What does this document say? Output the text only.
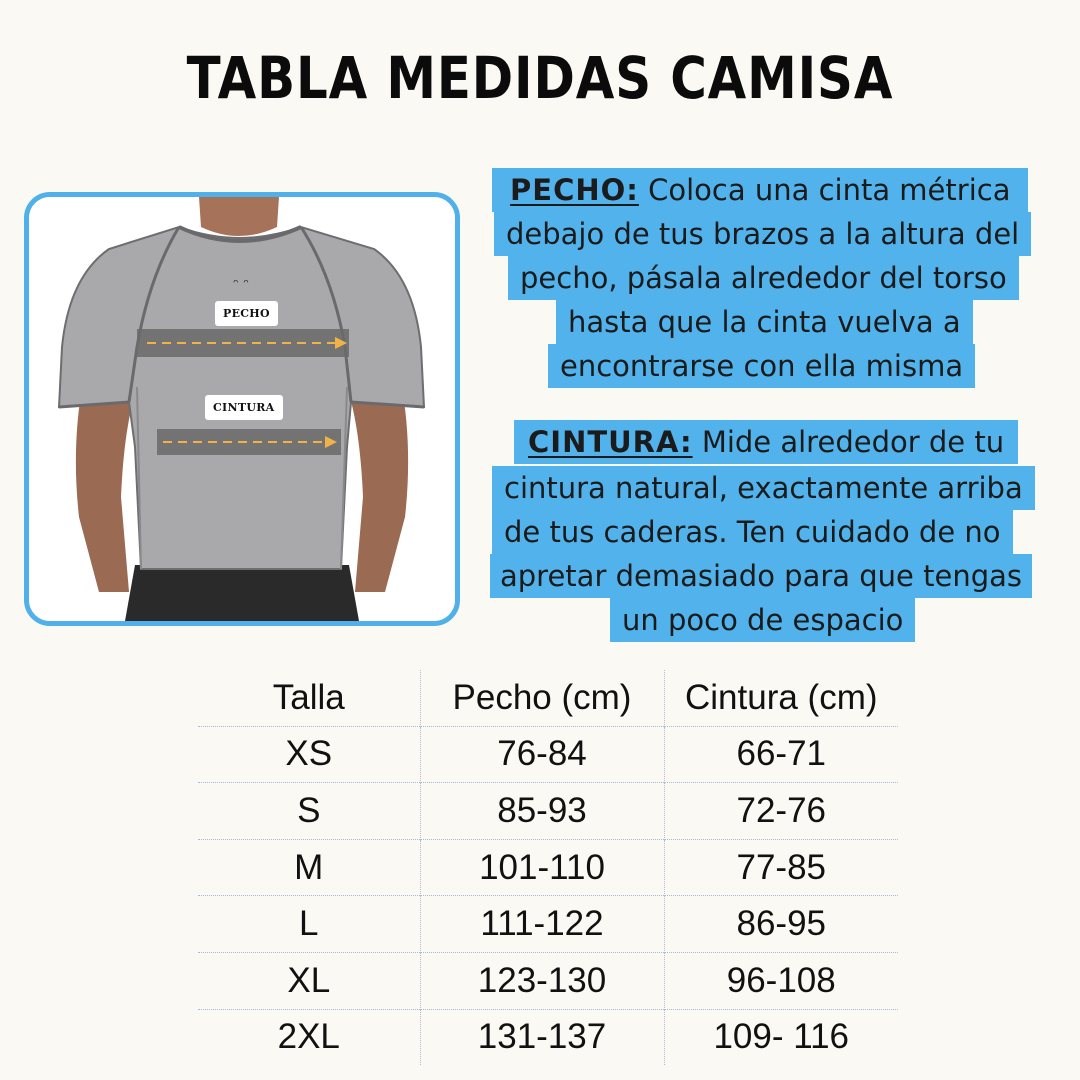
TABLA MEDIDAS CAMISA
ᵔ ᵔ
PECHO
CINTURA
PECHO: Coloca una cinta métrica
debajo de tus brazos a la altura del
pecho, pásala alrededor del torso
hasta que la cinta vuelva a
encontrarse con ella misma
CINTURA: Mide alrededor de tu
cintura natural, exactamente arriba
de tus caderas. Ten cuidado de no
apretar demasiado para que tengas
un poco de espacio
Talla	Pecho (cm)	Cintura (cm)
XS	76-84	66-71
S	85-93	72-76
M	101-110	77-85
L	111-122	86-95
XL	123-130	96-108
2XL	131-137	109- 116
